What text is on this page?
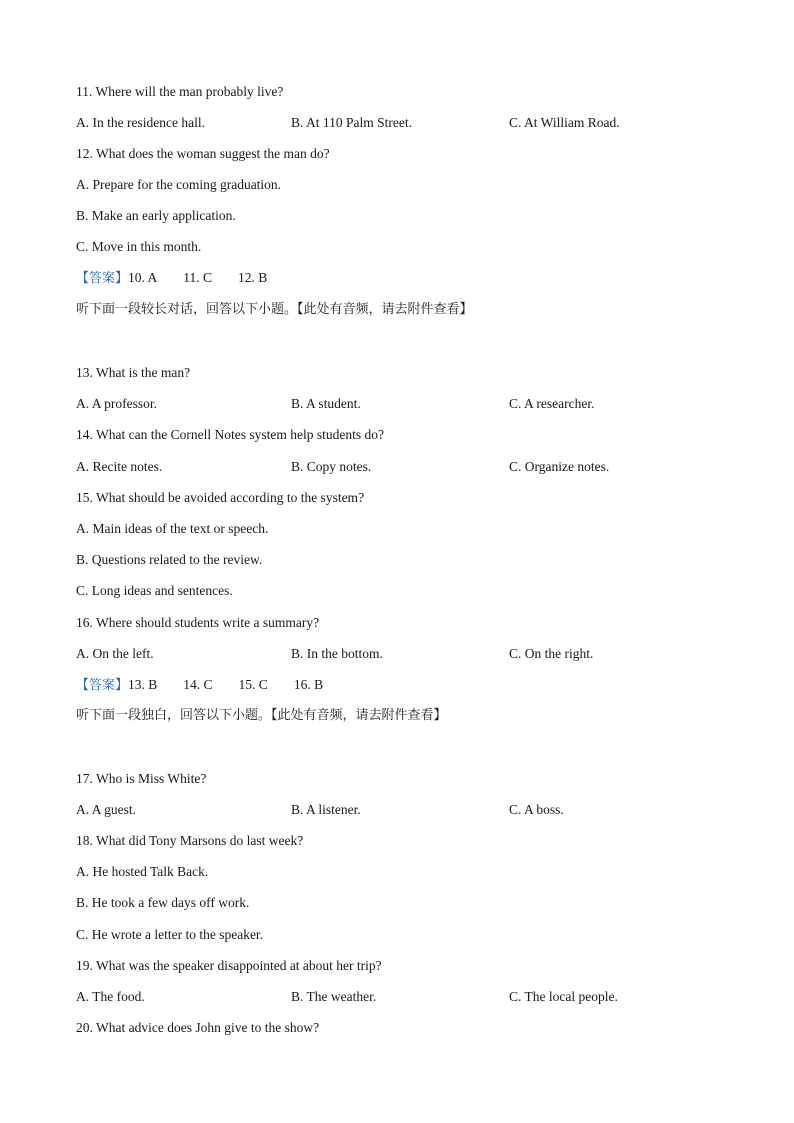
11. Where will the man probably live?
A. In the residence hall.	B. At 110 Palm Street.	C. At William Road.
12. What does the woman suggest the man do?
A. Prepare for the coming graduation.
B. Make an early application.
C. Move in this month.
【答案】10. A 11. C 12. B
听下面一段较长对话，回答以下小题。【此处有音频，请去附件查看】
13. What is the man?
A. A professor.	B. A student.	C. A researcher.
14. What can the Cornell Notes system help students do?
A. Recite notes.	B. Copy notes.	C. Organize notes.
15. What should be avoided according to the system?
A. Main ideas of the text or speech.
B. Questions related to the review.
C. Long ideas and sentences.
16. Where should students write a summary?
A. On the left.	B. In the bottom.	C. On the right.
【答案】13. B 14. C 15. C 16. B
听下面一段独白，回答以下小题。【此处有音频，请去附件查看】
17. Who is Miss White?
A. A guest.	B. A listener.	C. A boss.
18. What did Tony Marsons do last week?
A. He hosted Talk Back.
B. He took a few days off work.
C. He wrote a letter to the speaker.
19. What was the speaker disappointed at about her trip?
A. The food.	B. The weather.	C. The local people.
20. What advice does John give to the show?
